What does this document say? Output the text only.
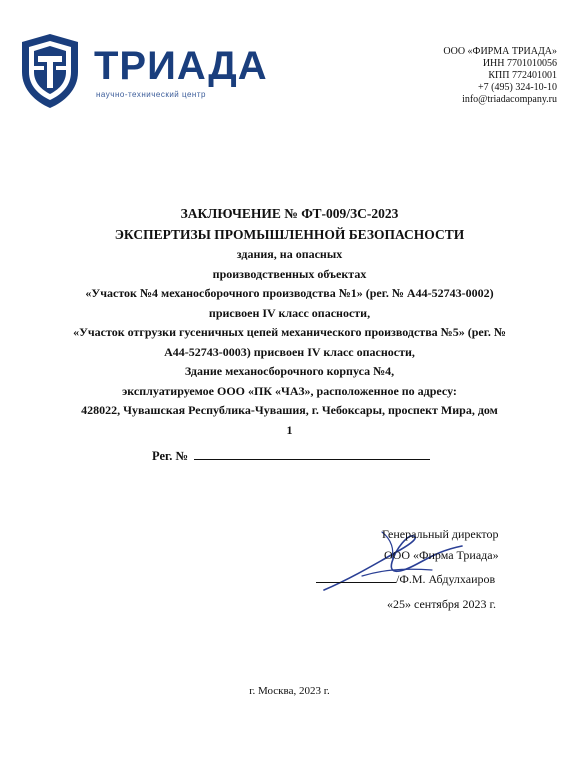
ТРИАДА
научно-технический центр
ООО «ФИРМА ТРИАДА»
ИНН 7701010056
КПП 772401001
+7 (495) 324-10-10
info@triadacompany.ru
ЗАКЛЮЧЕНИЕ № ФТ-009/ЗС-2023
ЭКСПЕРТИЗЫ ПРОМЫШЛЕННОЙ БЕЗОПАСНОСТИ
здания, на опасных
производственных объектах
«Участок №4 механосборочного производства №1» (рег. № А44-52743-0002)
присвоен IV класс опасности,
«Участок отгрузки гусеничных цепей механического производства №5» (рег. №
А44-52743-0003) присвоен IV класс опасности,
Здание механосборочного корпуса №4,
эксплуатируемое ООО «ПК «ЧАЗ», расположенное по адресу:
428022, Чувашская Республика-Чувашия, г. Чебоксары, проспект Мира, дом
1
Рег. №
Генеральный директор
ООО «Фирма Триада»
/Ф.М. Абдулхаиров
«25» сентября 2023 г.
г. Москва, 2023 г.
